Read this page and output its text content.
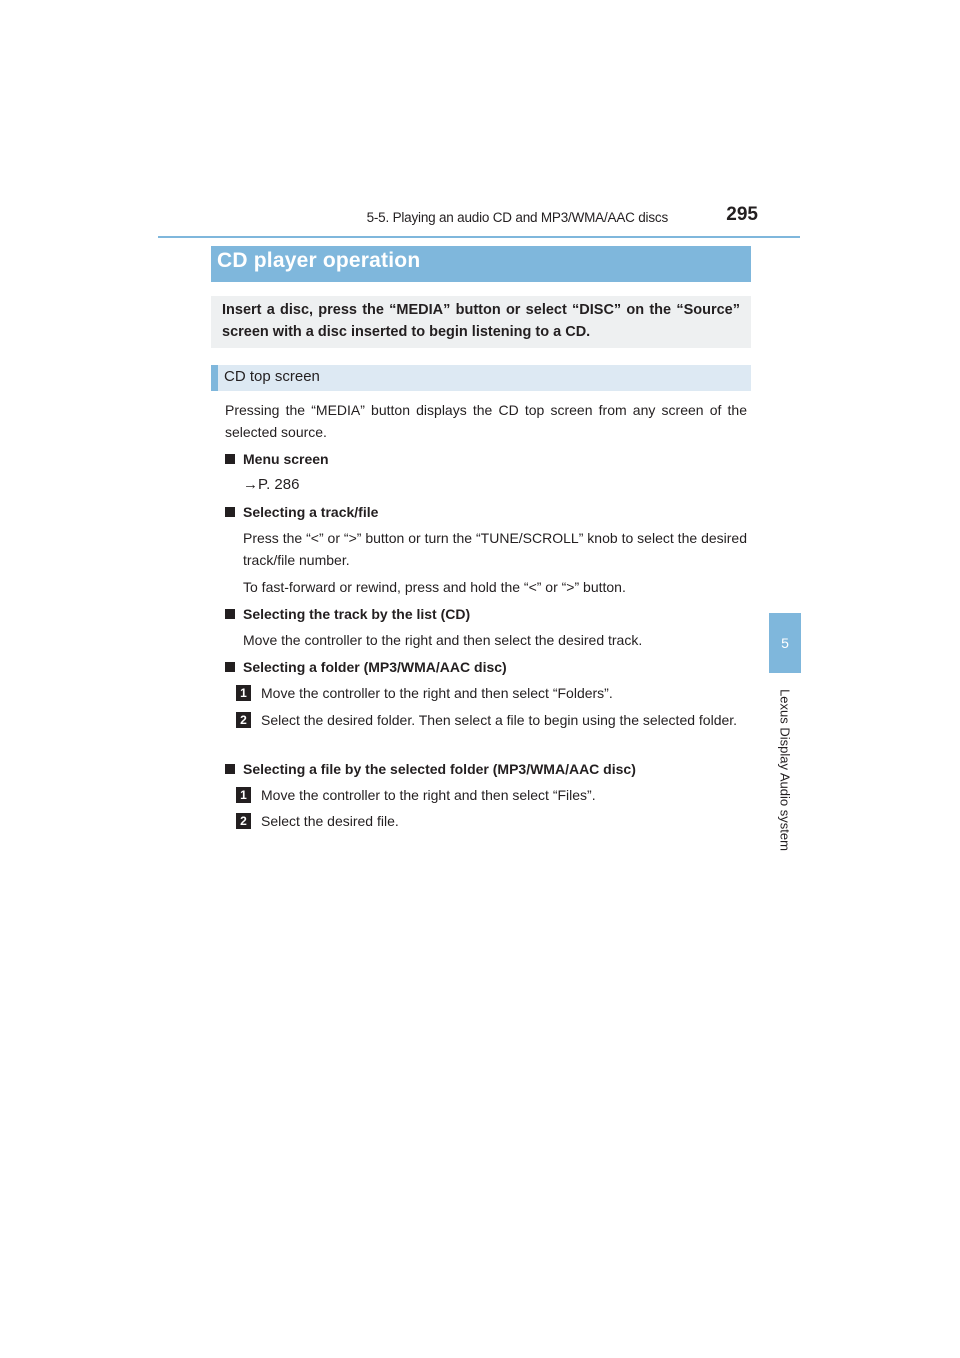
5-5. Playing an audio CD and MP3/WMA/AAC discs	295
5
Lexus Display Audio system
CD player operation
Insert a disc, press the “MEDIA” button or select “DISC” on the “Source” screen with a disc inserted to begin listening to a CD.
CD top screen
Pressing the “MEDIA” button displays the CD top screen from any screen of the selected source.
Menu screen
→P. 286
Selecting a track/file
Press the “<” or “>” button or turn the “TUNE/SCROLL” knob to select the desired track/file number.
To fast-forward or rewind, press and hold the “<” or “>” button.
Selecting the track by the list (CD)
Move the controller to the right and then select the desired track.
Selecting a folder (MP3/WMA/AAC disc)
1 Move the controller to the right and then select “Folders”.
2 Select the desired folder. Then select a file to begin using the selected folder.
Selecting a file by the selected folder (MP3/WMA/AAC disc)
1 Move the controller to the right and then select “Files”.
2 Select the desired file.
